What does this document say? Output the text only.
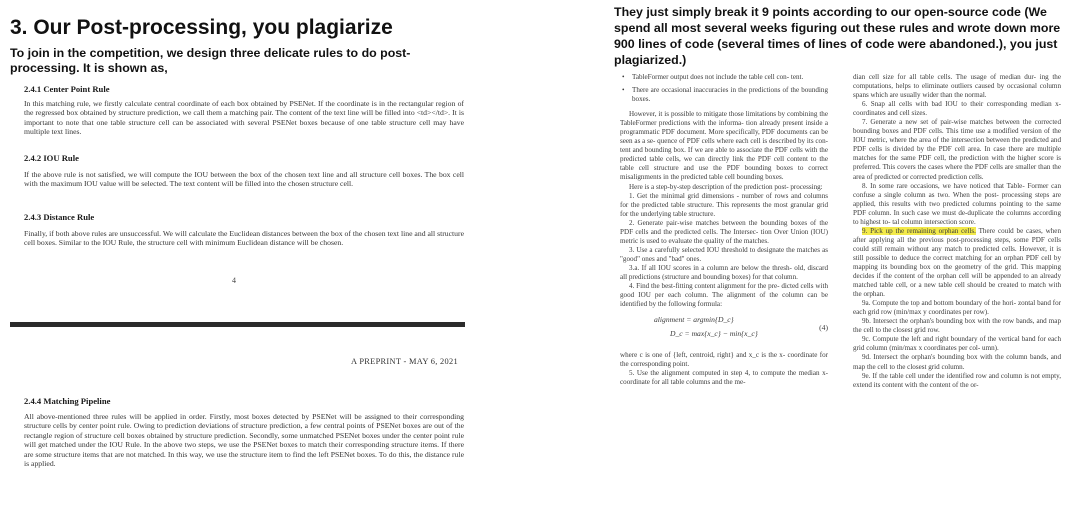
3. Our Post-processing, you plagiarize
To join in the competition, we design three delicate rules to do post-processing. It is shown as,
2.4.1 Center Point Rule
In this matching rule, we firstly calculate central coordinate of each box obtained by PSENet. If the coordinate is in the rectangular region of the regressed box obtained by structure prediction, we call them a matching pair. The content of the text line will be filled into <td></td>. It is important to note that one table structure cell can be associated with several PSENet boxes because of one table structure cell may have multiple text lines.
2.4.2 IOU Rule
If the above rule is not satisfied, we will compute the IOU between the box of the chosen text line and all structure cell boxes. The box cell with the maximum IOU value will be selected. The text content will be filled into the chosen structure cell.
2.4.3 Distance Rule
Finally, if both above rules are unsuccessful. We will calculate the Euclidean distances between the box of the chosen text line and all structure cell boxes. Similar to the IOU Rule, the structure cell with minimum Euclidean distance will be chosen.
4
A PREPRINT - MAY 6, 2021
2.4.4 Matching Pipeline
All above-mentioned three rules will be applied in order. Firstly, most boxes detected by PSENet will be assigned to their corresponding structure cells by center point rule. Owing to prediction deviations of structure prediction, a few central points of PSENet boxes are out of the rectangle region of structure cell boxes obtained by structure prediction. Secondly, some unmatched PSENet boxes under the center point rule will get matched under the IOU Rule. In the above two steps, we use the PSENet boxes to match their corresponding structure items. If there are some structure items that are not matched. In this way, we use the structure item to find the left PSENet boxes. To do this, the distance rule is applied.
They just simply break it 9 points according to our open-source code (We spend all most several weeks figuring out these rules and wrote down more 900 lines of code (several times of lines of code were abandoned.), you just plagiarized.)

• TableFormer output does not include the table cell con- tent.

• There are occasional inaccuracies in the predictions of the bounding boxes.

However, it is possible to mitigate those limitations by combining the TableFormer predictions with the informa- tion already present inside a programmatic PDF document. More specifically, PDF documents can be seen as a se- quence of PDF cells where each cell is described by its con- tent and bounding box. If we are able to associate the PDF cells with the predicted table cells, we can directly link the PDF cell content to the table cell structure and use the PDF bounding boxes to correct misalignments in the predicted table cell bounding boxes.

Here is a step-by-step description of the prediction post- processing:

1. Get the minimal grid dimensions - number of rows and columns for the predicted table structure. This represents the most granular grid for the underlying table structure.

2. Generate pair-wise matches between the bounding boxes of the PDF cells and the predicted cells. The Intersec- tion Over Union (IOU) metric is used to evaluate the quality of the matches.

3. Use a carefully selected IOU threshold to designate the matches as "good" ones and "bad" ones.

3.a. If all IOU scores in a column are below the thresh- old, discard all predictions (structure and bounding boxes) for that column.

4. Find the best-fitting content alignment for the pre- dicted cells with good IOU per each column. The alignment of the column can be identified by the following formula:

alignment = argmin{D_c}
D_c = max{x_c} − min{x_c}
(4)

where c is one of {left, centroid, right} and x_c is the x- coordinate for the corresponding point.

5. Use the alignment computed in step 4, to compute the median x-coordinate for all table columns and the me-

dian cell size for all table cells. The usage of median dur- ing the computations, helps to eliminate outliers caused by occasional column spans which are usually wider than the normal.

6. Snap all cells with bad IOU to their corresponding median x-coordinates and cell sizes.

7. Generate a new set of pair-wise matches between the corrected bounding boxes and PDF cells. This time use a modified version of the IOU metric, where the area of the intersection between the predicted and PDF cells is divided by the PDF cell area. In case there are multiple matches for the same PDF cell, the prediction with the higher score is preferred. This covers the cases where the PDF cells are smaller than the area of predicted or corrected prediction cells.

8. In some rare occasions, we have noticed that Table- Former can confuse a single column as two. When the post- processing steps are applied, this results with two predicted columns pointing to the same PDF column. In such case we must de-duplicate the columns according to highest to- tal column intersection score.

9. Pick up the remaining orphan cells. There could be cases, when after applying all the previous post-processing steps, some PDF cells could still remain without any match to predicted cells. However, it is still possible to deduce the correct matching for an orphan PDF cell by mapping its bounding box on the geometry of the grid. This mapping decides if the content of the orphan cell will be appended to an already matched table cell, or a new table cell should be created to match with the orphan.

9a. Compute the top and bottom boundary of the hori- zontal band for each grid row (min/max y coordinates per row).

9b. Intersect the orphan's bounding box with the row bands, and map the cell to the closest grid row.

9c. Compute the left and right boundary of the vertical band for each grid column (min/max x coordinates per col- umn).

9d. Intersect the orphan's bounding box with the column bands, and map the cell to the closest grid column.

9e. If the table cell under the identified row and column is not empty, extend its content with the content of the or-
